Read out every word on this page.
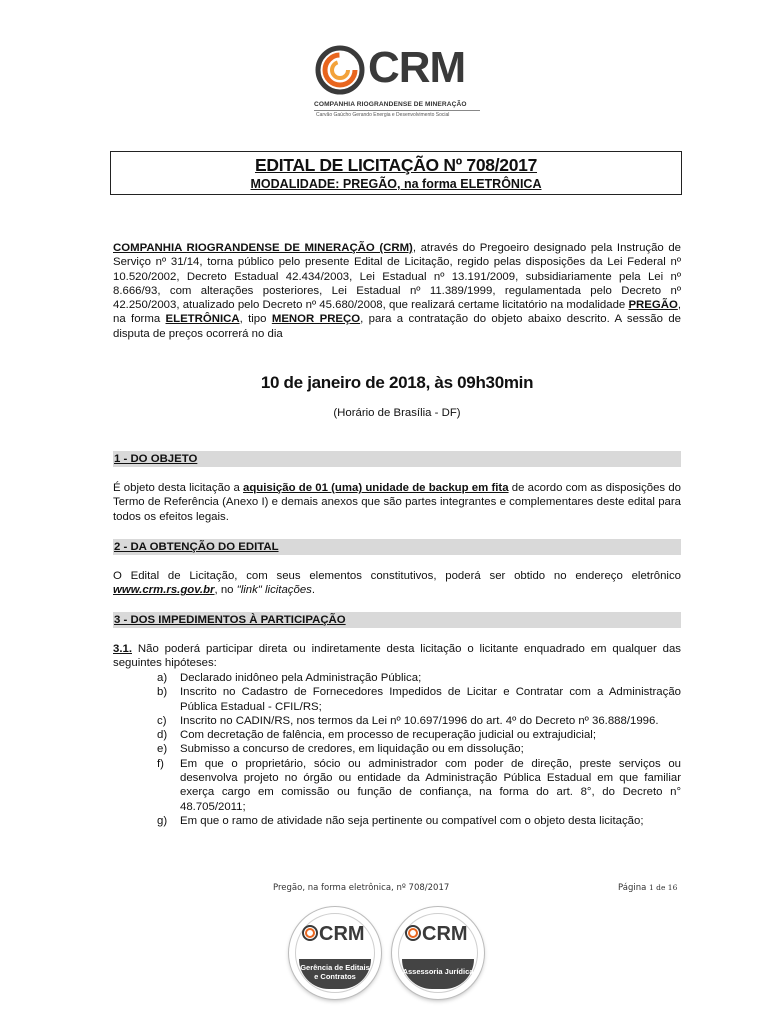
CRM
COMPANHIA RIOGRANDENSE DE MINERAÇÃO
Carvão Gaúcho Gerando Energia e Desenvolvimento Social
EDITAL DE LICITAÇÃO Nº 708/2017
MODALIDADE: PREGÃO, na forma ELETRÔNICA
COMPANHIA RIOGRANDENSE DE MINERAÇÃO (CRM), através do Pregoeiro designado pela Instrução de Serviço nº 31/14, torna público pelo presente Edital de Licitação, regido pelas disposições da Lei Federal nº 10.520/2002, Decreto Estadual 42.434/2003, Lei Estadual nº 13.191/2009, subsidiariamente pela Lei nº 8.666/93, com alterações posteriores, Lei Estadual nº 11.389/1999, regulamentada pelo Decreto nº 42.250/2003, atualizado pelo Decreto nº 45.680/2008, que realizará certame licitatório na modalidade PREGÃO, na forma ELETRÔNICA, tipo MENOR PREÇO, para a contratação do objeto abaixo descrito. A sessão de disputa de preços ocorrerá no dia
10 de janeiro de 2018, às 09h30min
(Horário de Brasília - DF)
1 - DO OBJETO
É objeto desta licitação a aquisição de 01 (uma) unidade de backup em fita de acordo com as disposições do Termo de Referência (Anexo I) e demais anexos que são partes integrantes e complementares deste edital para todos os efeitos legais.
2 - DA OBTENÇÃO DO EDITAL
O Edital de Licitação, com seus elementos constitutivos, poderá ser obtido no endereço eletrônico www.crm.rs.gov.br, no "link" licitações.
3 - DOS IMPEDIMENTOS À PARTICIPAÇÃO
3.1. Não poderá participar direta ou indiretamente desta licitação o licitante enquadrado em qualquer das seguintes hipóteses:
a) Declarado inidôneo pela Administração Pública;
b) Inscrito no Cadastro de Fornecedores Impedidos de Licitar e Contratar com a Administração Pública Estadual - CFIL/RS;
c) Inscrito no CADIN/RS, nos termos da Lei nº 10.697/1996 do art. 4º do Decreto nº 36.888/1996.
d) Com decretação de falência, em processo de recuperação judicial ou extrajudicial;
e) Submisso a concurso de credores, em liquidação ou em dissolução;
f) Em que o proprietário, sócio ou administrador com poder de direção, preste serviços ou desenvolva projeto no órgão ou entidade da Administração Pública Estadual em que familiar exerça cargo em comissão ou função de confiança, na forma do art. 8°, do Decreto n° 48.705/2011;
g) Em que o ramo de atividade não seja pertinente ou compatível com o objeto desta licitação;
Pregão, na forma eletrônica, nº 708/2017	Página 1 de 16
CRM
Gerência de Editais e Contratos
CRM
Assessoria Jurídica
